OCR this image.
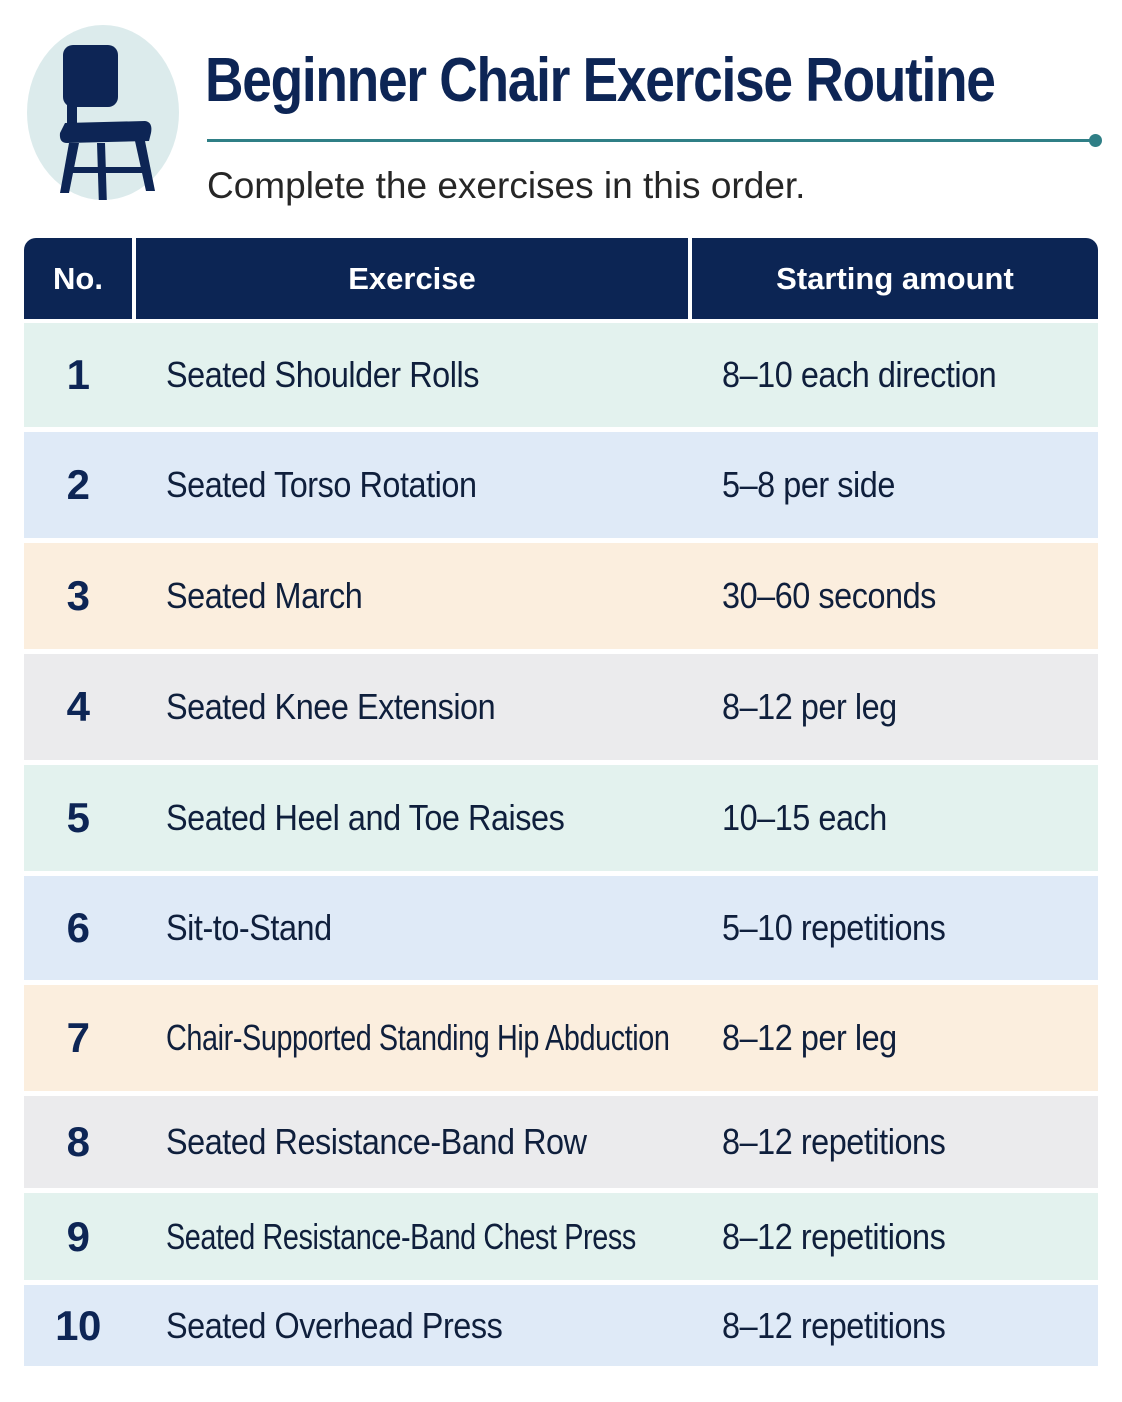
Beginner Chair Exercise Routine
Complete the exercises in this order.
No.	Exercise	Starting amount
1	Seated Shoulder Rolls	8–10 each direction
2	Seated Torso Rotation	5–8 per side
3	Seated March	30–60 seconds
4	Seated Knee Extension	8–12 per leg
5	Seated Heel and Toe Raises	10–15 each
6	Sit-to-Stand	5–10 repetitions
7	Chair-Supported Standing Hip Abduction 8–12 per leg
8	Seated Resistance-Band Row	8–12 repetitions
9	Seated Resistance-Band Chest Press 8–12 repetitions
10	Seated Overhead Press	8–12 repetitions
